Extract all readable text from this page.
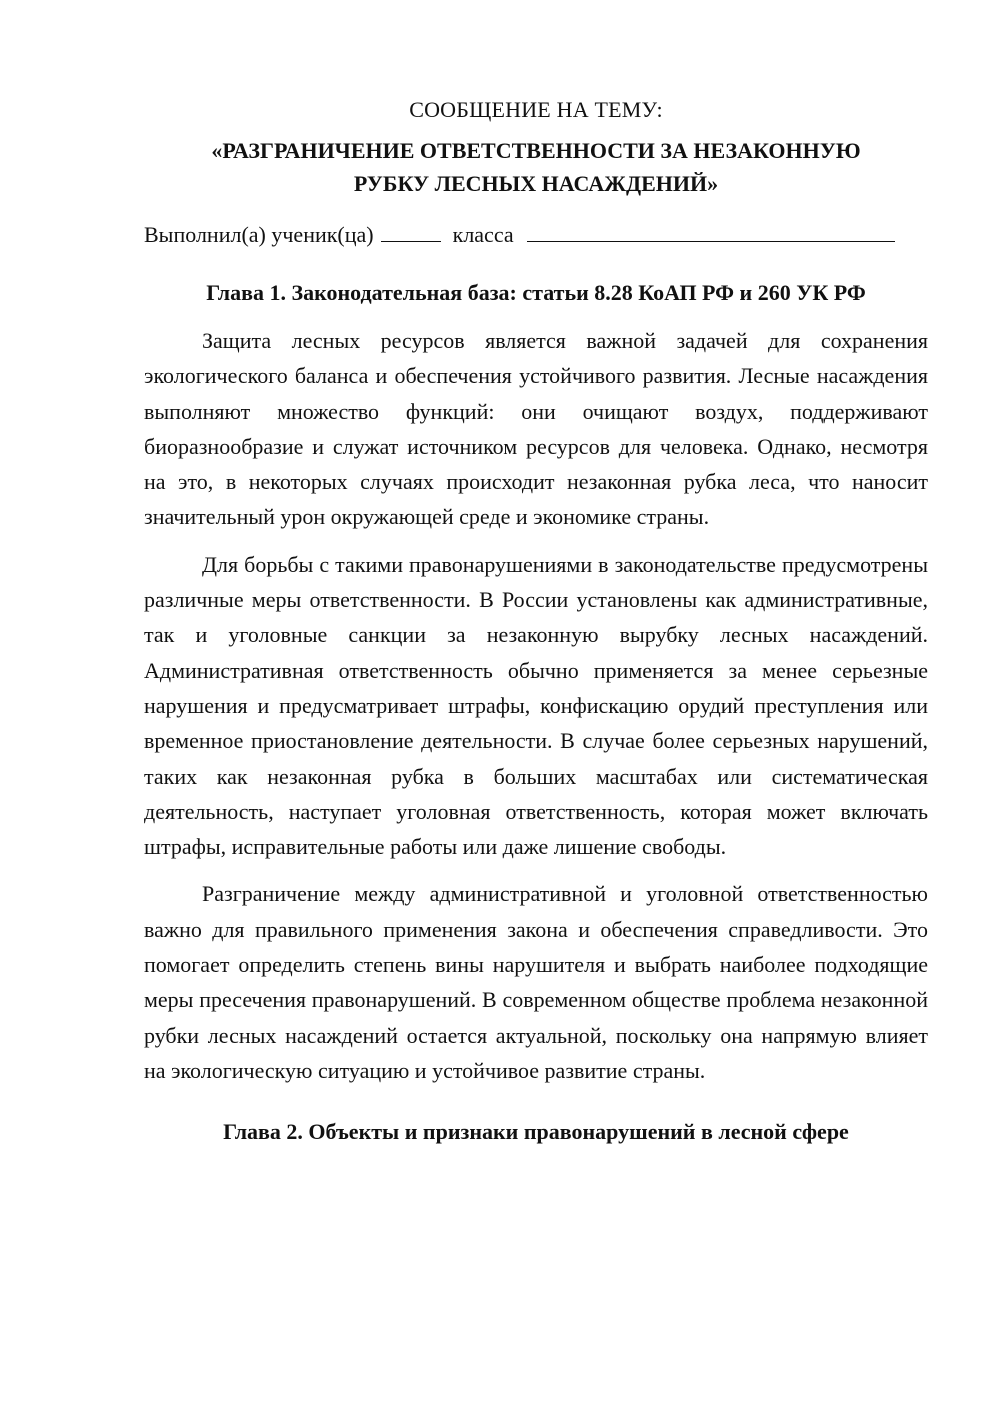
СООБЩЕНИЕ НА ТЕМУ:
«РАЗГРАНИЧЕНИЕ ОТВЕТСТВЕННОСТИ ЗА НЕЗАКОННУЮ
РУБКУ ЛЕСНЫХ НАСАЖДЕНИЙ»
Выполнил(а) ученик(ца)	класса
Глава 1. Законодательная база: статьи 8.28 КоАП РФ и 260 УК РФ

Защита лесных ресурсов является важной задачей для сохранения экологического баланса и обеспечения устойчивого развития. Лесные насаждения выполняют множество функций: они очищают воздух, поддерживают биоразнообразие и служат источником ресурсов для человека. Однако, несмотря на это, в некоторых случаях происходит незаконная рубка леса, что наносит значительный урон окружающей среде и экономике страны.

Для борьбы с такими правонарушениями в законодательстве предусмотрены различные меры ответственности. В России установлены как административные, так и уголовные санкции за незаконную вырубку лесных насаждений. Административная ответственность обычно применяется за менее серьезные нарушения и предусматривает штрафы, конфискацию орудий преступления или временное приостановление деятельности. В случае более серьезных нарушений, таких как незаконная рубка в больших масштабах или систематическая деятельность, наступает уголовная ответственность, которая может включать штрафы, исправительные работы или даже лишение свободы.

Разграничение между административной и уголовной ответственностью важно для правильного применения закона и обеспечения справедливости. Это помогает определить степень вины нарушителя и выбрать наиболее подходящие меры пресечения правонарушений. В современном обществе проблема незаконной рубки лесных насаждений остается актуальной, поскольку она напрямую влияет на экологическую ситуацию и устойчивое развитие страны.

Глава 2. Объекты и признаки правонарушений в лесной сфере
